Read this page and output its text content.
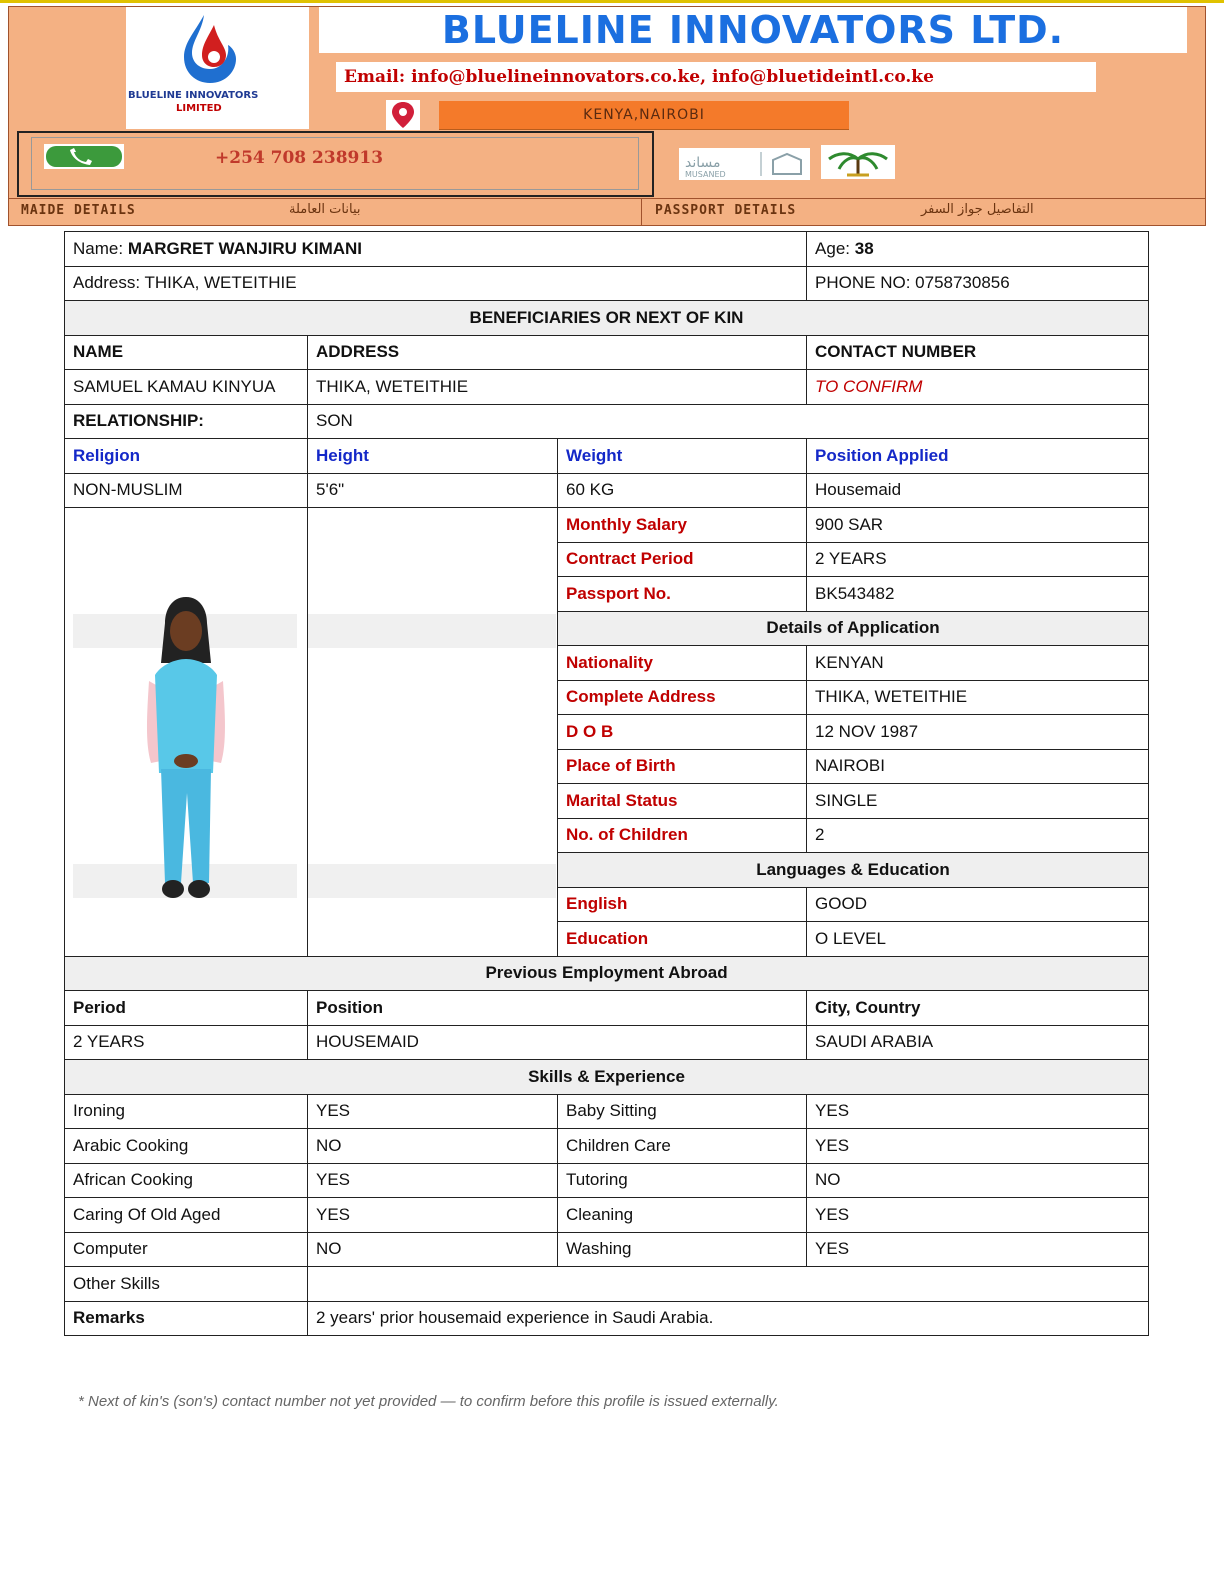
BLUELINE INNOVATORS
LIMITED
BLUELINE INNOVATORS LTD.
Email: info@bluelineinnovators.co.ke, info@bluetideintl.co.ke
KENYA,NAIROBI
+254 708 238913	مساند
MUSANED
MAIDE DETAILS	بيانات العاملة	PASSPORT DETAILS	التفاصيل جواز السفر
Name: MARGRET WANJIRU KIMANI			Age: 38
Address: THIKA, WETEITHIE			PHONE NO: 0758730856
BENEFICIARIES OR NEXT OF KIN			
NAME	ADDRESS		CONTACT NUMBER
SAMUEL KAMAU KINYUA	THIKA, WETEITHIE		TO CONFIRM
RELATIONSHIP:	SON		
Religion	Height	Weight	Position Applied
NON-MUSLIM	5'6"	60 KG	Housemaid

	Monthly Salary	900 SAR
		Contract Period	2 YEARS
		Passport No.	BK543482
		Details of Application	
		Nationality	KENYAN
		Complete Address	THIKA, WETEITHIE
		D O B	12 NOV 1987
		Place of Birth	NAIROBI
		Marital Status	SINGLE
		No. of Children	2
		Languages & Education	
		English	GOOD
		Education	O LEVEL
Previous Employment Abroad			
Period	Position		City, Country
2 YEARS	HOUSEMAID		SAUDI ARABIA
Skills & Experience			
Ironing	YES	Baby Sitting	YES
Arabic Cooking	NO	Children Care	YES
African Cooking	YES	Tutoring	NO
Caring Of Old Aged	YES	Cleaning	YES
Computer	NO	Washing	YES
Other Skills			
Remarks	2 years' prior housemaid experience in Saudi Arabia.		
* Next of kin's (son's) contact number not yet provided — to confirm before this profile is issued externally.
